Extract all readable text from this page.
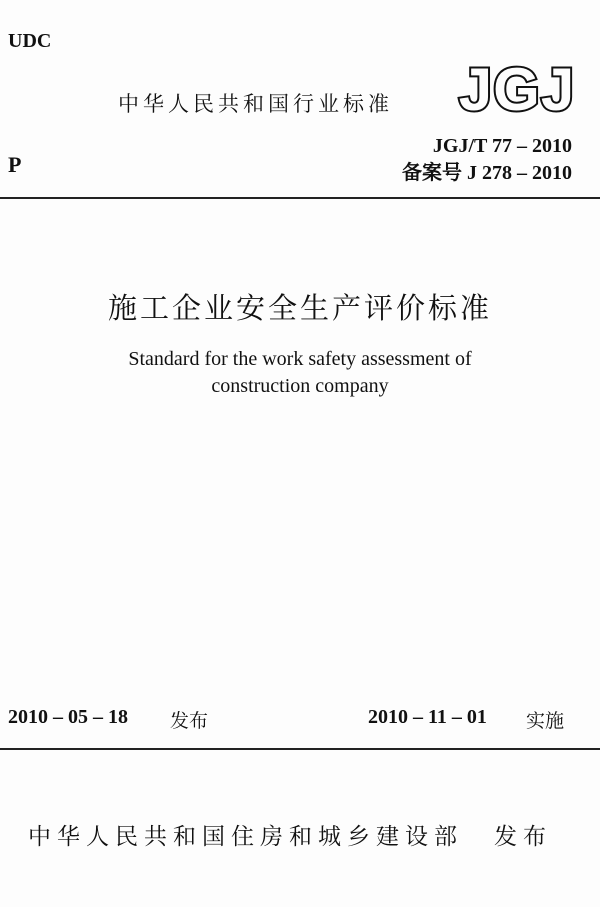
UDC
P
中华人民共和国行业标准 JGJ
JGJ/T 77 – 2010
备案号 J 278 – 2010
施工企业安全生产评价标准
Standard for the work safety assessment of
construction company
2010 – 05 – 18 发布	2010 – 11 – 01 实施
中华人民共和国住房和城乡建设部 发布
